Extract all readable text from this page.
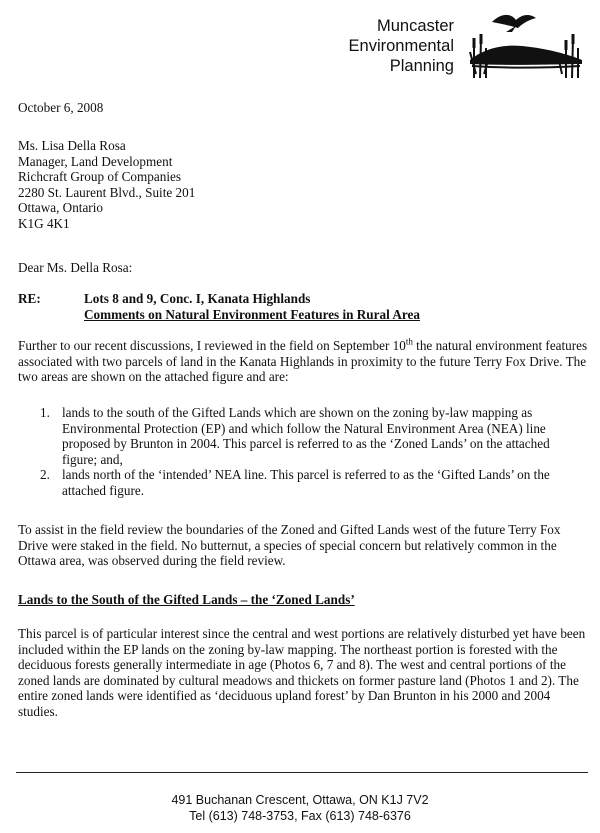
Muncaster
Environmental
Planning
October 6, 2008
Ms. Lisa Della Rosa
Manager, Land Development
Richcraft Group of Companies
2280 St. Laurent Blvd., Suite 201
Ottawa, Ontario
K1G 4K1
Dear Ms. Della Rosa:
RE:	Lots 8 and 9, Conc. I, Kanata Highlands
Comments on Natural Environment Features in Rural Area

Further to our recent discussions, I reviewed in the field on September 10th the natural environment features associated with two parcels of land in the Kanata Highlands in proximity to the future Terry Fox Drive. The two areas are shown on the attached figure and are:

1. lands to the south of the Gifted Lands which are shown on the zoning by-law mapping as Environmental Protection (EP) and which follow the Natural Environment Area (NEA) line proposed by Brunton in 2004. This parcel is referred to as the ‘Zoned Lands’ on the attached figure; and,
2. lands north of the ‘intended’ NEA line. This parcel is referred to as the ‘Gifted Lands’ on the attached figure.

To assist in the field review the boundaries of the Zoned and Gifted Lands west of the future Terry Fox Drive were staked in the field. No butternut, a species of special concern but relatively common in the Ottawa area, was observed during the field review.

Lands to the South of the Gifted Lands – the ‘Zoned Lands’

This parcel is of particular interest since the central and west portions are relatively disturbed yet have been included within the EP lands on the zoning by-law mapping. The northeast portion is forested with the deciduous forests generally intermediate in age (Photos 6, 7 and 8). The west and central portions of the zoned lands are dominated by cultural meadows and thickets on former pasture land (Photos 1 and 2). The entire zoned lands were identified as ‘deciduous upland forest’ by Dan Brunton in his 2000 and 2004 studies.

491 Buchanan Crescent, Ottawa, ON K1J 7V2
Tel (613) 748-3753, Fax (613) 748-6376
